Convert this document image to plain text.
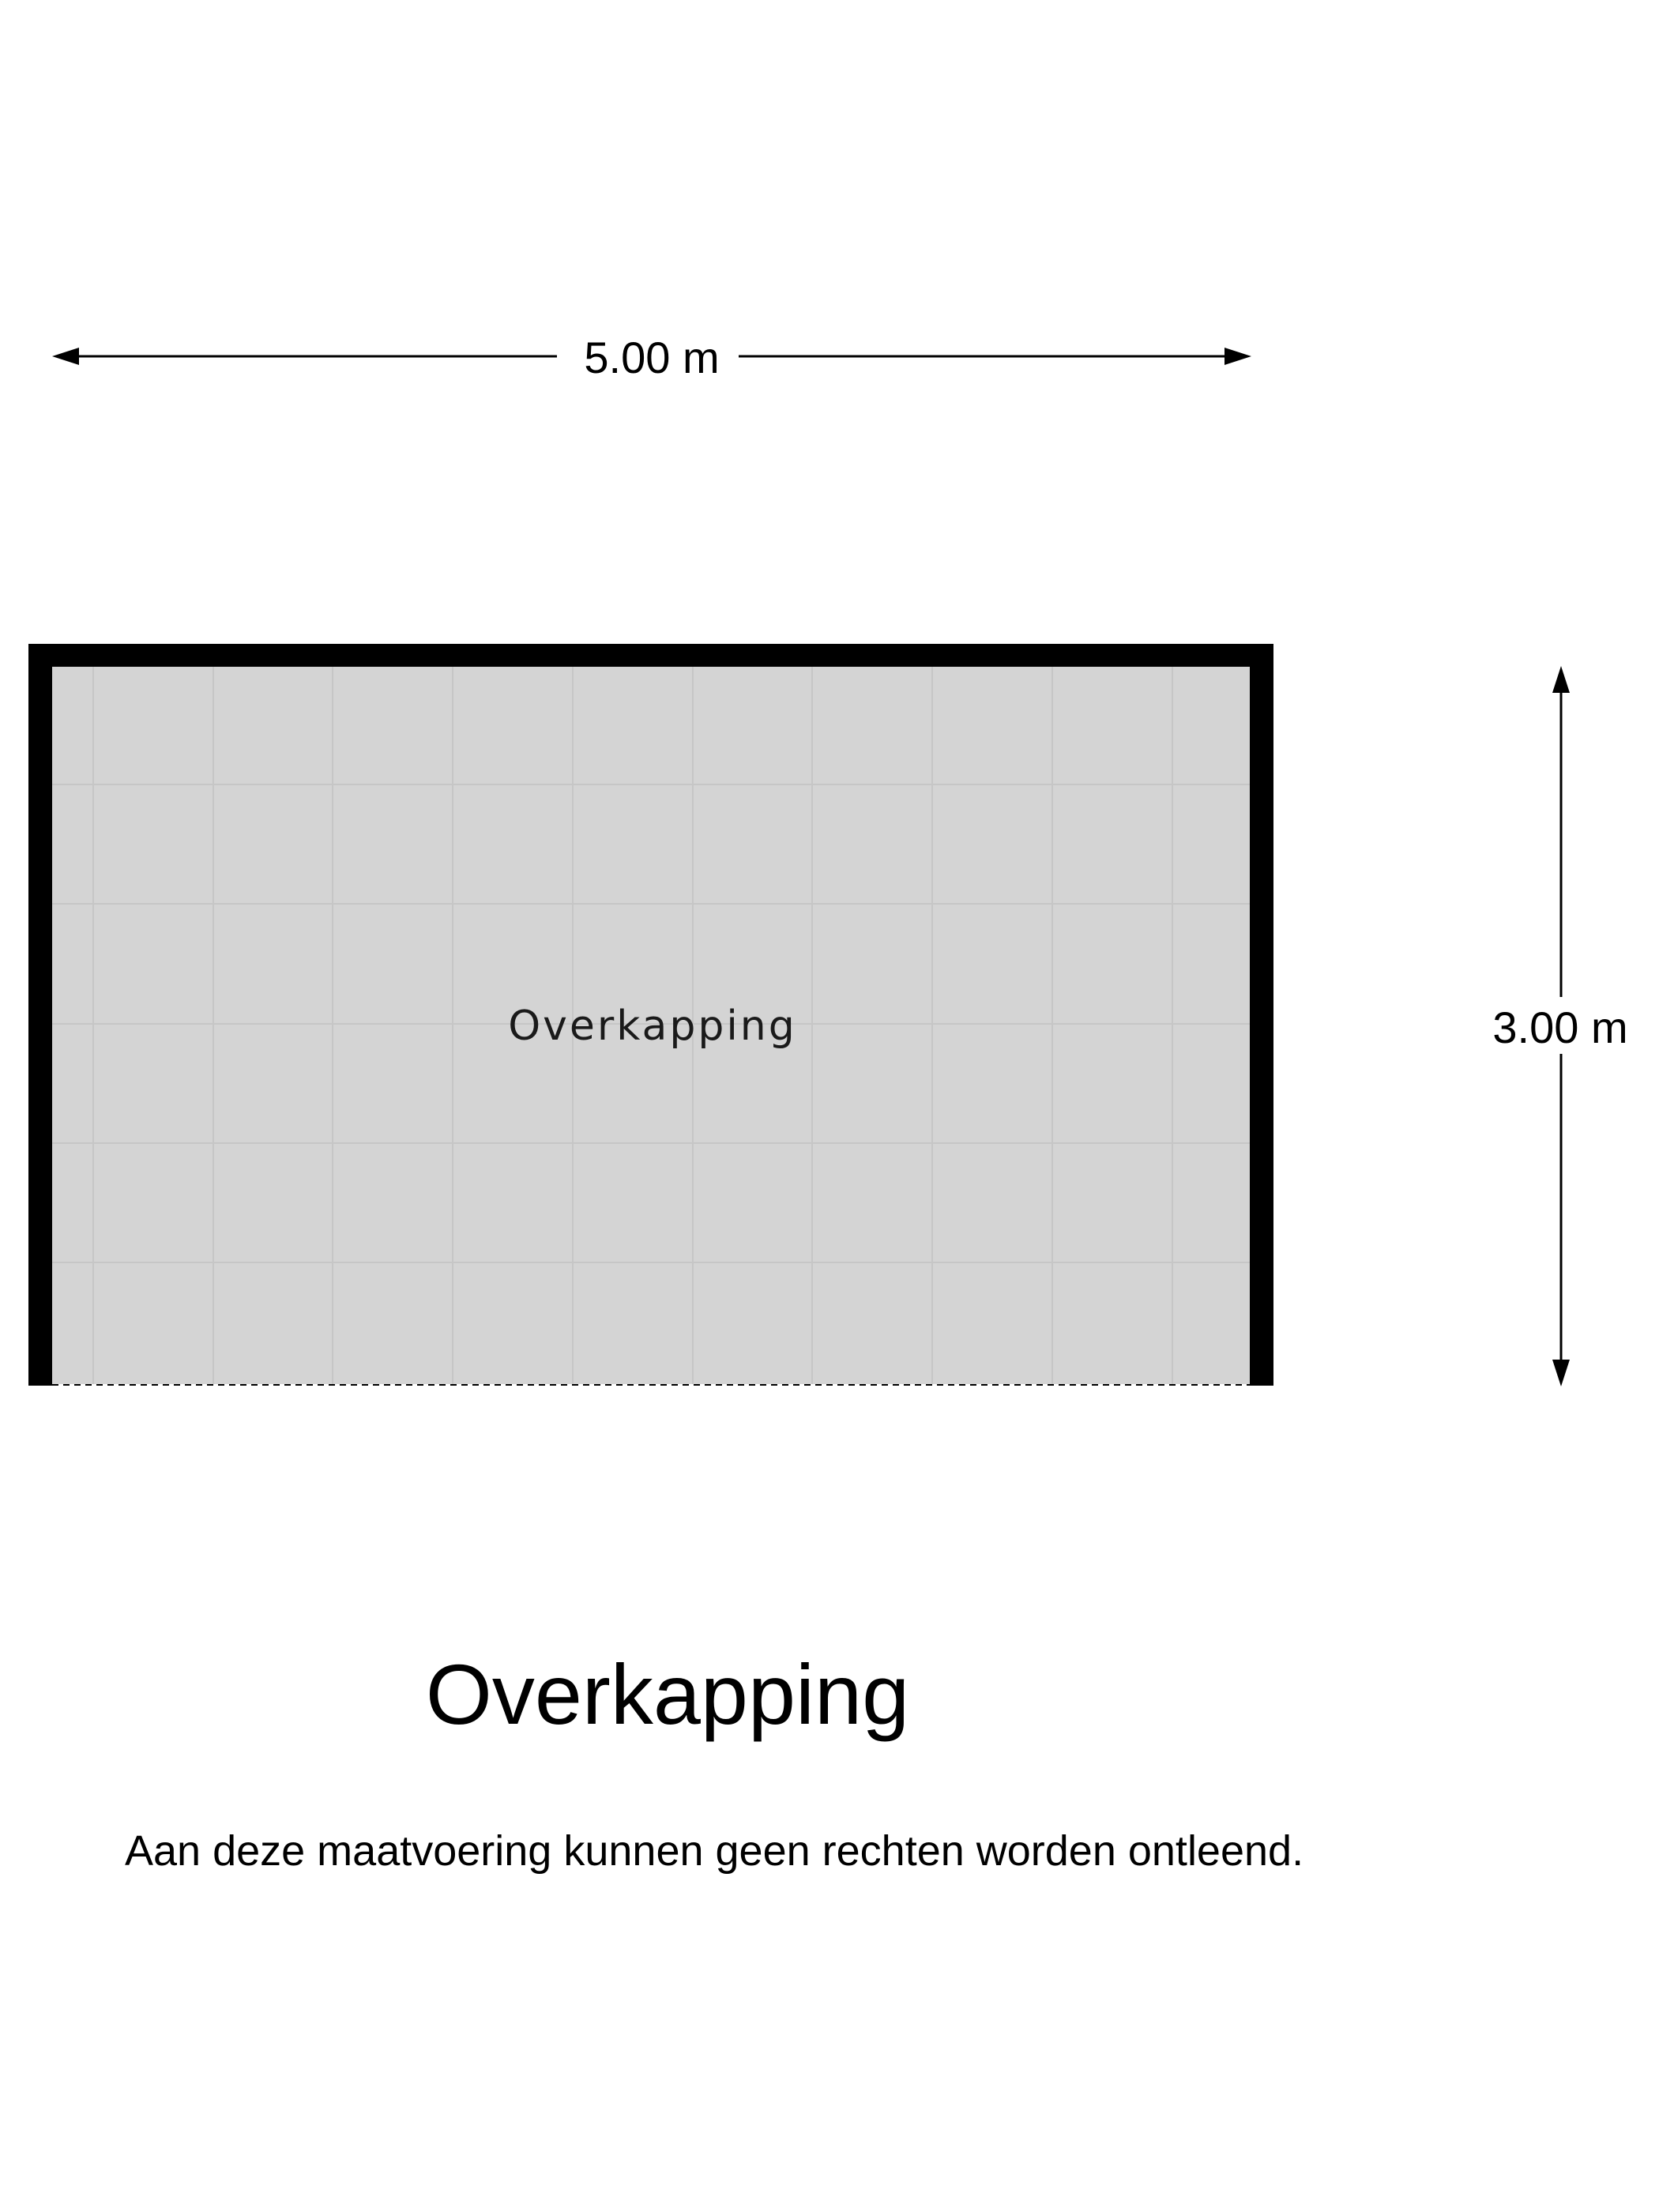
5.00 m
Overkapping	3.00 m
Overkapping
Aan deze maatvoering kunnen geen rechten worden ontleend.
